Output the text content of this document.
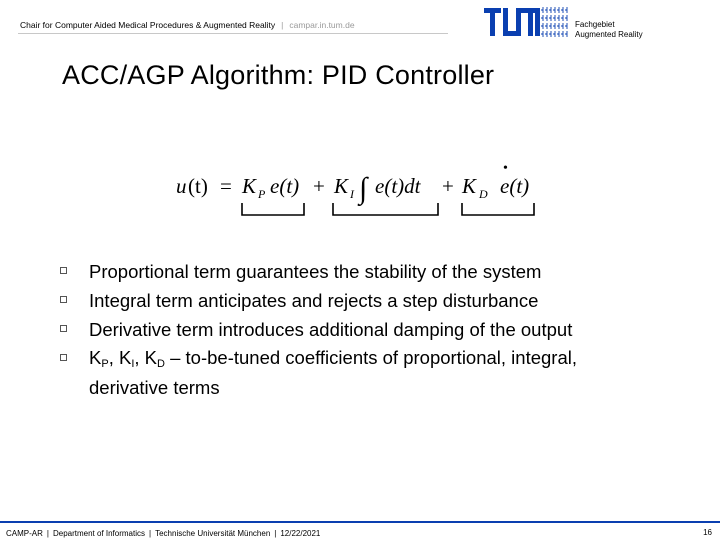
Chair for Computer Aided Medical Procedures & Augmented Reality | campar.in.tum.de	Fachgebiet
Augmented Reality
ACC/AGP Algorithm: PID Controller
u (t) = K P e(t) + K I ∫ e(t)dt + K D
•
e(t)
Proportional term guarantees the stability of the system
Integral term anticipates and rejects a step disturbance
Derivative term introduces additional damping of the output
$K_P$, $K_I$, $K_D$ – to-be-tuned coefficients of proportional, integral, derivative terms
CAMP-AR | Department of Informatics | Technische Universität München | 12/22/2021	16
